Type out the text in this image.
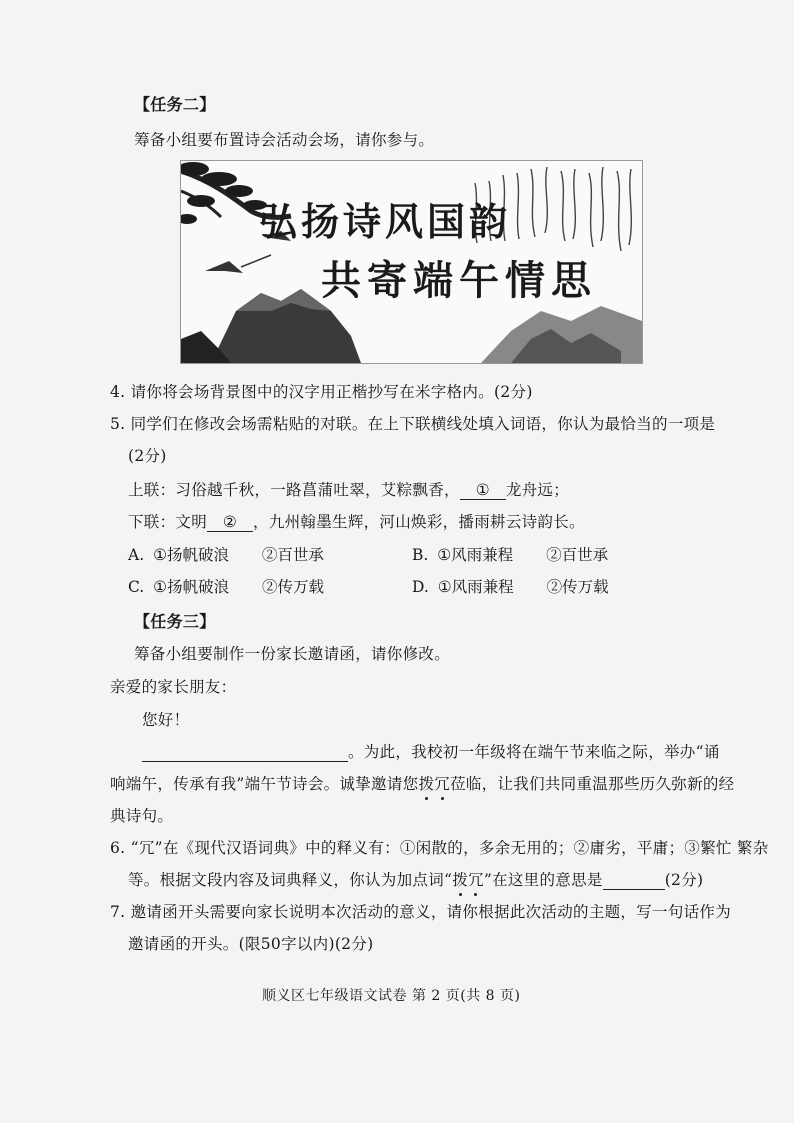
【任务二】
筹备小组要布置诗会活动会场，请你参与。
弘扬诗风国韵
共寄端午情思
4. 请你将会场背景图中的汉字用正楷抄写在米字格内。(2分)
5. 同学们在修改会场需粘贴的对联。在上下联横线处填入词语，你认为最恰当的一项是
(2分)
上联：习俗越千秋，一路菖蒲吐翠，艾粽飘香， ① 龙舟远；
下联：文明 ② ，九州翰墨生辉，河山焕彩，播雨耕云诗韵长。
A. ①扬帆破浪 ②百世承	B. ①风雨兼程 ②百世承
C. ①扬帆破浪 ②传万载	D. ①风雨兼程 ②传万载
【任务三】
筹备小组要制作一份家长邀请函，请你修改。
亲爱的家长朋友：
您好！
。为此，我校初一年级将在端午节来临之际，举办“诵
响端午，传承有我”端午节诗会。诚挚邀请您拨冗莅临，让我们共同重温那些历久弥新的经
典诗句。
6. “冗”在《现代汉语词典》中的释义有：①闲散的，多余无用的；②庸劣，平庸；③繁忙 繁杂
等。根据文段内容及词典释义，你认为加点词“拨冗”在这里的意思是	(2分)
7. 邀请函开头需要向家长说明本次活动的意义，请你根据此次活动的主题，写一句话作为
邀请函的开头。(限50字以内)(2分)
顺义区七年级语文试卷 第 2 页(共 8 页)
